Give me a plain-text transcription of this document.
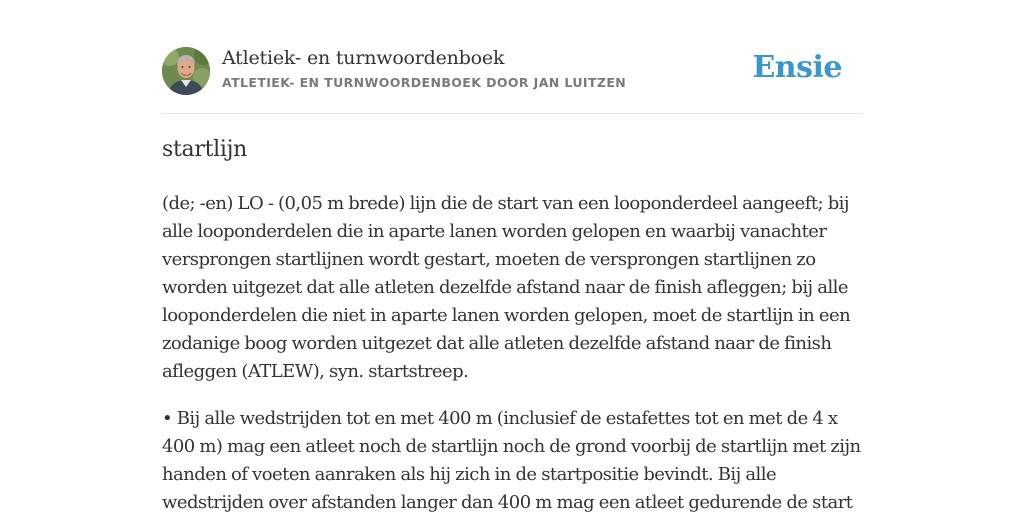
Atletiek- en turnwoordenboek
ATLETIEK- EN TURNWOORDENBOEK DOOR JAN LUITZEN	Ensie
startlijn

(de; -en) LO - (0,05 m brede) lijn die de start van een looponderdeel aangeeft; bij alle looponderdelen die in aparte lanen worden gelopen en waarbij vanachter versprongen startlijnen wordt gestart, moeten de versprongen startlijnen zo worden uitgezet dat alle atleten dezelfde afstand naar de finish afleggen; bij alle looponderdelen die niet in aparte lanen worden gelopen, moet de startlijn in een zodanige boog worden uitgezet dat alle atleten dezelfde afstand naar de finish afleggen (ATLEW), syn. startstreep.

• Bij alle wedstrijden tot en met 400 m (inclusief de estafettes tot en met de 4 x 400 m) mag een atleet noch de startlijn noch de grond voorbij de startlijn met zijn handen of voeten aanraken als hij zich in de startpositie bevindt. Bij alle wedstrijden over afstanden langer dan 400 m mag een atleet gedurende de start
